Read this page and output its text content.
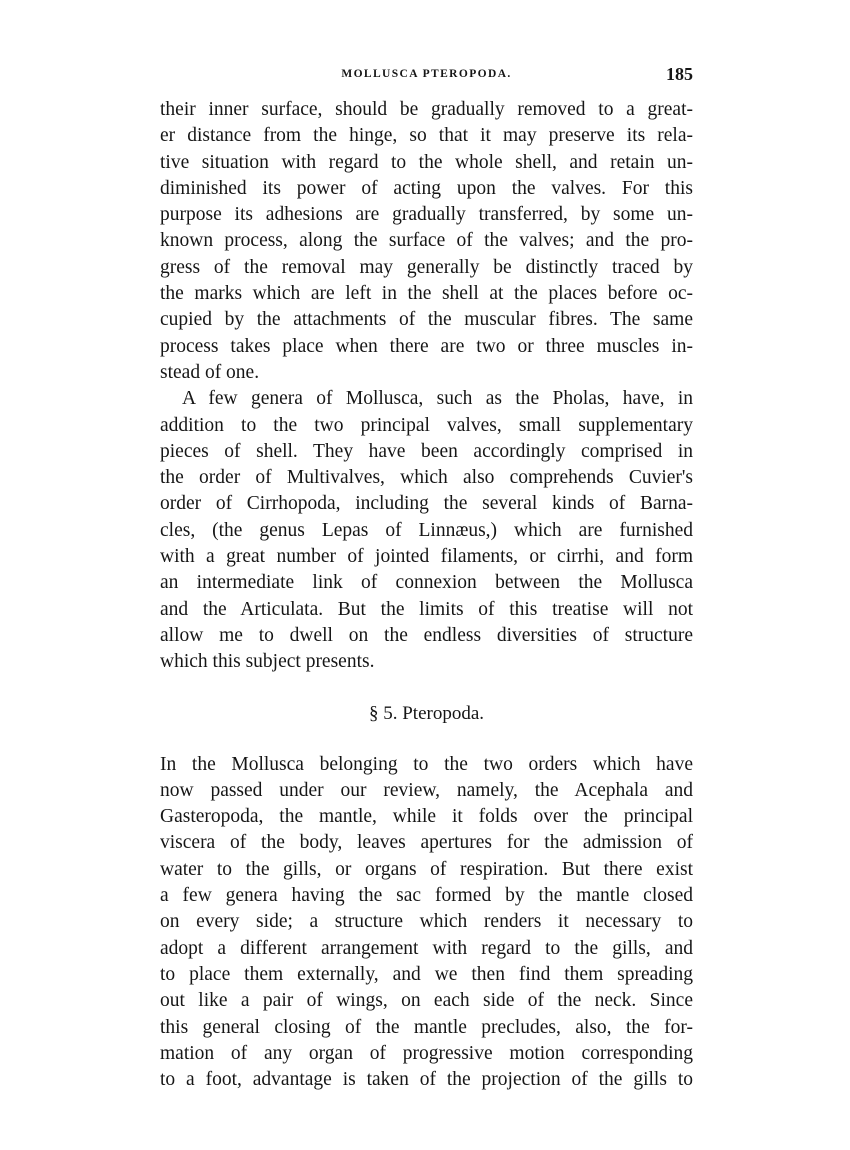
MOLLUSCA PTEROPODA.	185
their inner surface, should be gradually removed to a great-
er distance from the hinge, so that it may preserve its rela-
tive situation with regard to the whole shell, and retain un-
diminished its power of acting upon the valves. For this
purpose its adhesions are gradually transferred, by some un-
known process, along the surface of the valves; and the pro-
gress of the removal may generally be distinctly traced by
the marks which are left in the shell at the places before oc-
cupied by the attachments of the muscular fibres. The same
process takes place when there are two or three muscles in-
stead of one.
A few genera of Mollusca, such as the Pholas, have, in
addition to the two principal valves, small supplementary
pieces of shell. They have been accordingly comprised in
the order of Multivalves, which also comprehends Cuvier's
order of Cirrhopoda, including the several kinds of Barna-
cles, (the genus Lepas of Linnæus,) which are furnished
with a great number of jointed filaments, or cirrhi, and form
an intermediate link of connexion between the Mollusca
and the Articulata. But the limits of this treatise will not
allow me to dwell on the endless diversities of structure
which this subject presents.
§ 5. Pteropoda.
In the Mollusca belonging to the two orders which have
now passed under our review, namely, the Acephala and
Gasteropoda, the mantle, while it folds over the principal
viscera of the body, leaves apertures for the admission of
water to the gills, or organs of respiration. But there exist
a few genera having the sac formed by the mantle closed
on every side; a structure which renders it necessary to
adopt a different arrangement with regard to the gills, and
to place them externally, and we then find them spreading
out like a pair of wings, on each side of the neck. Since
this general closing of the mantle precludes, also, the for-
mation of any organ of progressive motion corresponding
to a foot, advantage is taken of the projection of the gills to
